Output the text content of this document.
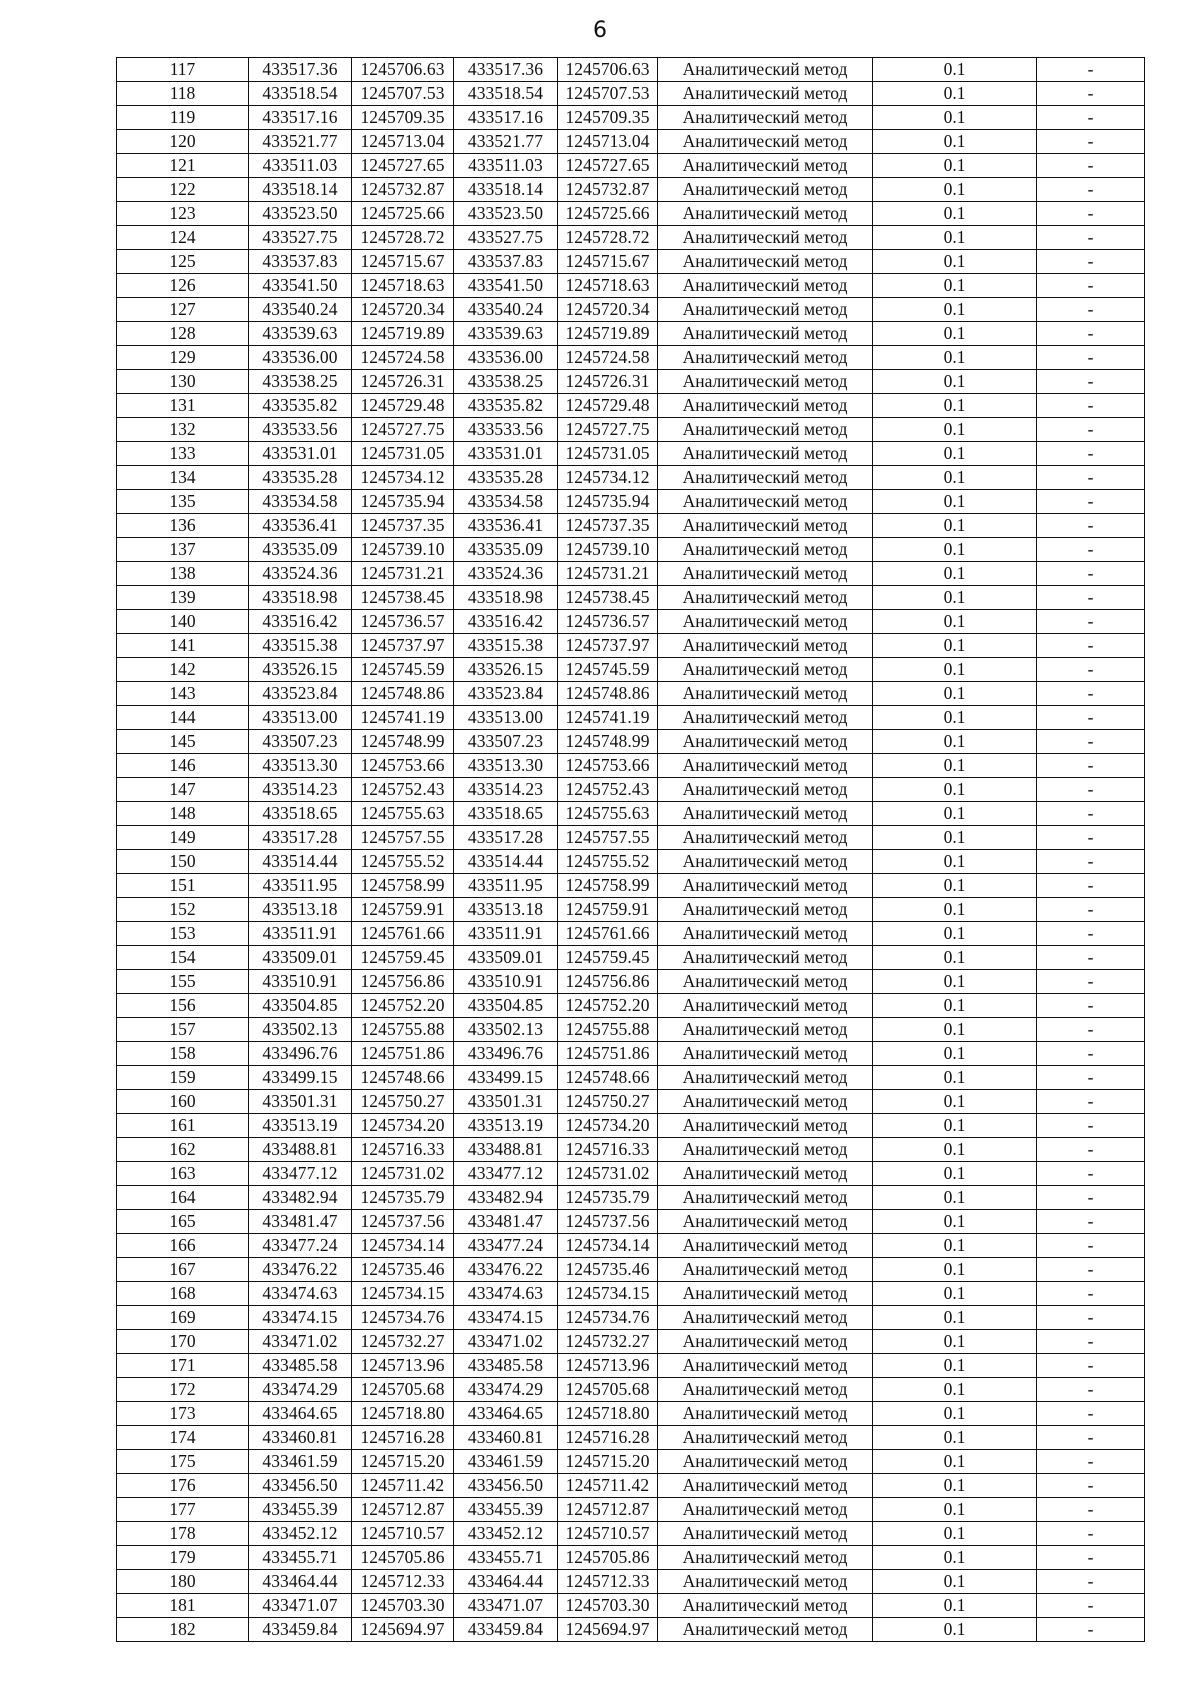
6
117	433517.36	1245706.63	433517.36	1245706.63	Аналитический метод	0.1	-
118	433518.54	1245707.53	433518.54	1245707.53	Аналитический метод	0.1	-
119	433517.16	1245709.35	433517.16	1245709.35	Аналитический метод	0.1	-
120	433521.77	1245713.04	433521.77	1245713.04	Аналитический метод	0.1	-
121	433511.03	1245727.65	433511.03	1245727.65	Аналитический метод	0.1	-
122	433518.14	1245732.87	433518.14	1245732.87	Аналитический метод	0.1	-
123	433523.50	1245725.66	433523.50	1245725.66	Аналитический метод	0.1	-
124	433527.75	1245728.72	433527.75	1245728.72	Аналитический метод	0.1	-
125	433537.83	1245715.67	433537.83	1245715.67	Аналитический метод	0.1	-
126	433541.50	1245718.63	433541.50	1245718.63	Аналитический метод	0.1	-
127	433540.24	1245720.34	433540.24	1245720.34	Аналитический метод	0.1	-
128	433539.63	1245719.89	433539.63	1245719.89	Аналитический метод	0.1	-
129	433536.00	1245724.58	433536.00	1245724.58	Аналитический метод	0.1	-
130	433538.25	1245726.31	433538.25	1245726.31	Аналитический метод	0.1	-
131	433535.82	1245729.48	433535.82	1245729.48	Аналитический метод	0.1	-
132	433533.56	1245727.75	433533.56	1245727.75	Аналитический метод	0.1	-
133	433531.01	1245731.05	433531.01	1245731.05	Аналитический метод	0.1	-
134	433535.28	1245734.12	433535.28	1245734.12	Аналитический метод	0.1	-
135	433534.58	1245735.94	433534.58	1245735.94	Аналитический метод	0.1	-
136	433536.41	1245737.35	433536.41	1245737.35	Аналитический метод	0.1	-
137	433535.09	1245739.10	433535.09	1245739.10	Аналитический метод	0.1	-
138	433524.36	1245731.21	433524.36	1245731.21	Аналитический метод	0.1	-
139	433518.98	1245738.45	433518.98	1245738.45	Аналитический метод	0.1	-
140	433516.42	1245736.57	433516.42	1245736.57	Аналитический метод	0.1	-
141	433515.38	1245737.97	433515.38	1245737.97	Аналитический метод	0.1	-
142	433526.15	1245745.59	433526.15	1245745.59	Аналитический метод	0.1	-
143	433523.84	1245748.86	433523.84	1245748.86	Аналитический метод	0.1	-
144	433513.00	1245741.19	433513.00	1245741.19	Аналитический метод	0.1	-
145	433507.23	1245748.99	433507.23	1245748.99	Аналитический метод	0.1	-
146	433513.30	1245753.66	433513.30	1245753.66	Аналитический метод	0.1	-
147	433514.23	1245752.43	433514.23	1245752.43	Аналитический метод	0.1	-
148	433518.65	1245755.63	433518.65	1245755.63	Аналитический метод	0.1	-
149	433517.28	1245757.55	433517.28	1245757.55	Аналитический метод	0.1	-
150	433514.44	1245755.52	433514.44	1245755.52	Аналитический метод	0.1	-
151	433511.95	1245758.99	433511.95	1245758.99	Аналитический метод	0.1	-
152	433513.18	1245759.91	433513.18	1245759.91	Аналитический метод	0.1	-
153	433511.91	1245761.66	433511.91	1245761.66	Аналитический метод	0.1	-
154	433509.01	1245759.45	433509.01	1245759.45	Аналитический метод	0.1	-
155	433510.91	1245756.86	433510.91	1245756.86	Аналитический метод	0.1	-
156	433504.85	1245752.20	433504.85	1245752.20	Аналитический метод	0.1	-
157	433502.13	1245755.88	433502.13	1245755.88	Аналитический метод	0.1	-
158	433496.76	1245751.86	433496.76	1245751.86	Аналитический метод	0.1	-
159	433499.15	1245748.66	433499.15	1245748.66	Аналитический метод	0.1	-
160	433501.31	1245750.27	433501.31	1245750.27	Аналитический метод	0.1	-
161	433513.19	1245734.20	433513.19	1245734.20	Аналитический метод	0.1	-
162	433488.81	1245716.33	433488.81	1245716.33	Аналитический метод	0.1	-
163	433477.12	1245731.02	433477.12	1245731.02	Аналитический метод	0.1	-
164	433482.94	1245735.79	433482.94	1245735.79	Аналитический метод	0.1	-
165	433481.47	1245737.56	433481.47	1245737.56	Аналитический метод	0.1	-
166	433477.24	1245734.14	433477.24	1245734.14	Аналитический метод	0.1	-
167	433476.22	1245735.46	433476.22	1245735.46	Аналитический метод	0.1	-
168	433474.63	1245734.15	433474.63	1245734.15	Аналитический метод	0.1	-
169	433474.15	1245734.76	433474.15	1245734.76	Аналитический метод	0.1	-
170	433471.02	1245732.27	433471.02	1245732.27	Аналитический метод	0.1	-
171	433485.58	1245713.96	433485.58	1245713.96	Аналитический метод	0.1	-
172	433474.29	1245705.68	433474.29	1245705.68	Аналитический метод	0.1	-
173	433464.65	1245718.80	433464.65	1245718.80	Аналитический метод	0.1	-
174	433460.81	1245716.28	433460.81	1245716.28	Аналитический метод	0.1	-
175	433461.59	1245715.20	433461.59	1245715.20	Аналитический метод	0.1	-
176	433456.50	1245711.42	433456.50	1245711.42	Аналитический метод	0.1	-
177	433455.39	1245712.87	433455.39	1245712.87	Аналитический метод	0.1	-
178	433452.12	1245710.57	433452.12	1245710.57	Аналитический метод	0.1	-
179	433455.71	1245705.86	433455.71	1245705.86	Аналитический метод	0.1	-
180	433464.44	1245712.33	433464.44	1245712.33	Аналитический метод	0.1	-
181	433471.07	1245703.30	433471.07	1245703.30	Аналитический метод	0.1	-
182	433459.84	1245694.97	433459.84	1245694.97	Аналитический метод	0.1	-
